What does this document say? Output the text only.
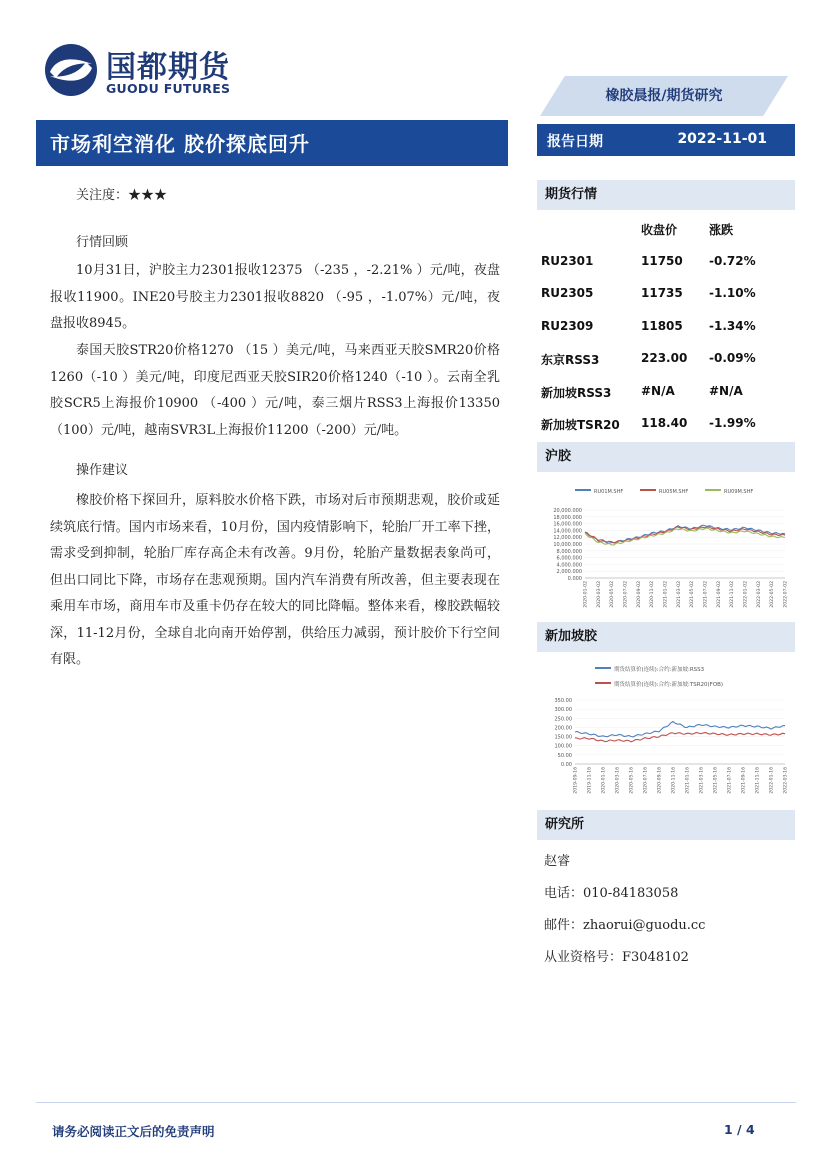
国都期货
GUODU FUTURES	橡胶晨报/期货研究
市场利空消化 胶价探底回升	报告日期	2022-11-01
关注度：★★★
行情回顾
10月31日，沪胶主力2301报收12375 （-235 ，-2.21% ）元/吨，夜盘报收11900。INE20号胶主力2301报收8820 （-95 ，-1.07%）元/吨，夜盘报收8945。
泰国天胶STR20价格1270 （15 ）美元/吨，马来西亚天胶SMR20价格1260（-10 ）美元/吨，印度尼西亚天胶SIR20价格1240（-10 ）。云南全乳胶SCR5上海报价10900 （-400 ）元/吨，泰三烟片RSS3上海报价13350（100）元/吨，越南SVR3L上海报价11200（-200）元/吨。
操作建议
橡胶价格下探回升，原料胶水价格下跌，市场对后市预期悲观，胶价或延续筑底行情。国内市场来看，10月份，国内疫情影响下，轮胎厂开工率下挫，需求受到抑制，轮胎厂库存高企未有改善。9月份，轮胎产量数据表象尚可，但出口同比下降，市场存在悲观预期。国内汽车消费有所改善，但主要表现在乘用车市场，商用车市及重卡仍存在较大的同比降幅。整体来看，橡胶跌幅较深，11-12月份，全球自北向南开始停割，供给压力减弱，预计胶价下行空间有限。
期货行情
收盘价	涨跌
RU2301	11750 -0.72%
RU2305	11735 -1.10%
RU2309	11805 -1.34%
东京RSS3	223.00 -0.09%
新加坡RSS3 #N/A	#N/A
新加坡TSR20 118.40 -1.99%
沪胶
RU01M.SHF	RU05M.SHF	RU09M.SHF
20,000.000
18,000.000
16,000.000
14,000.000
12,000.000
10,000.000
8,000.000
6,000.000
4,000.000
2,000.000
0.000
2020-01-02 2020-03-02 2020-05-02 2020-07-02 2020-09-02 2020-11-02 2021-01-02 2021-03-02 2021-05-02 2021-07-02 2021-09-02 2021-11-02 2022-01-02 2022-03-02 2022-05-02 2022-07-02
新加坡胶
期货结算价(连续):合约:新加坡:RSS3
期货结算价(连续):合约:新加坡:TSR20(FOB)
350.00
300.00
250.00
200.00
150.00
100.00
50.00
0.00
2019-09-16 2019-11-16 2020-01-16 2020-03-16 2020-05-16 2020-07-16 2020-09-16 2020-11-16 2021-01-16 2021-03-16 2021-05-16 2021-07-16 2021-09-16 2021-11-16 2022-01-16 2022-03-16
研究所
赵睿
电话：010-84183058
邮件：zhaorui@guodu.cc
从业资格号：F3048102
请务必阅读正文后的免责声明	1 / 4
